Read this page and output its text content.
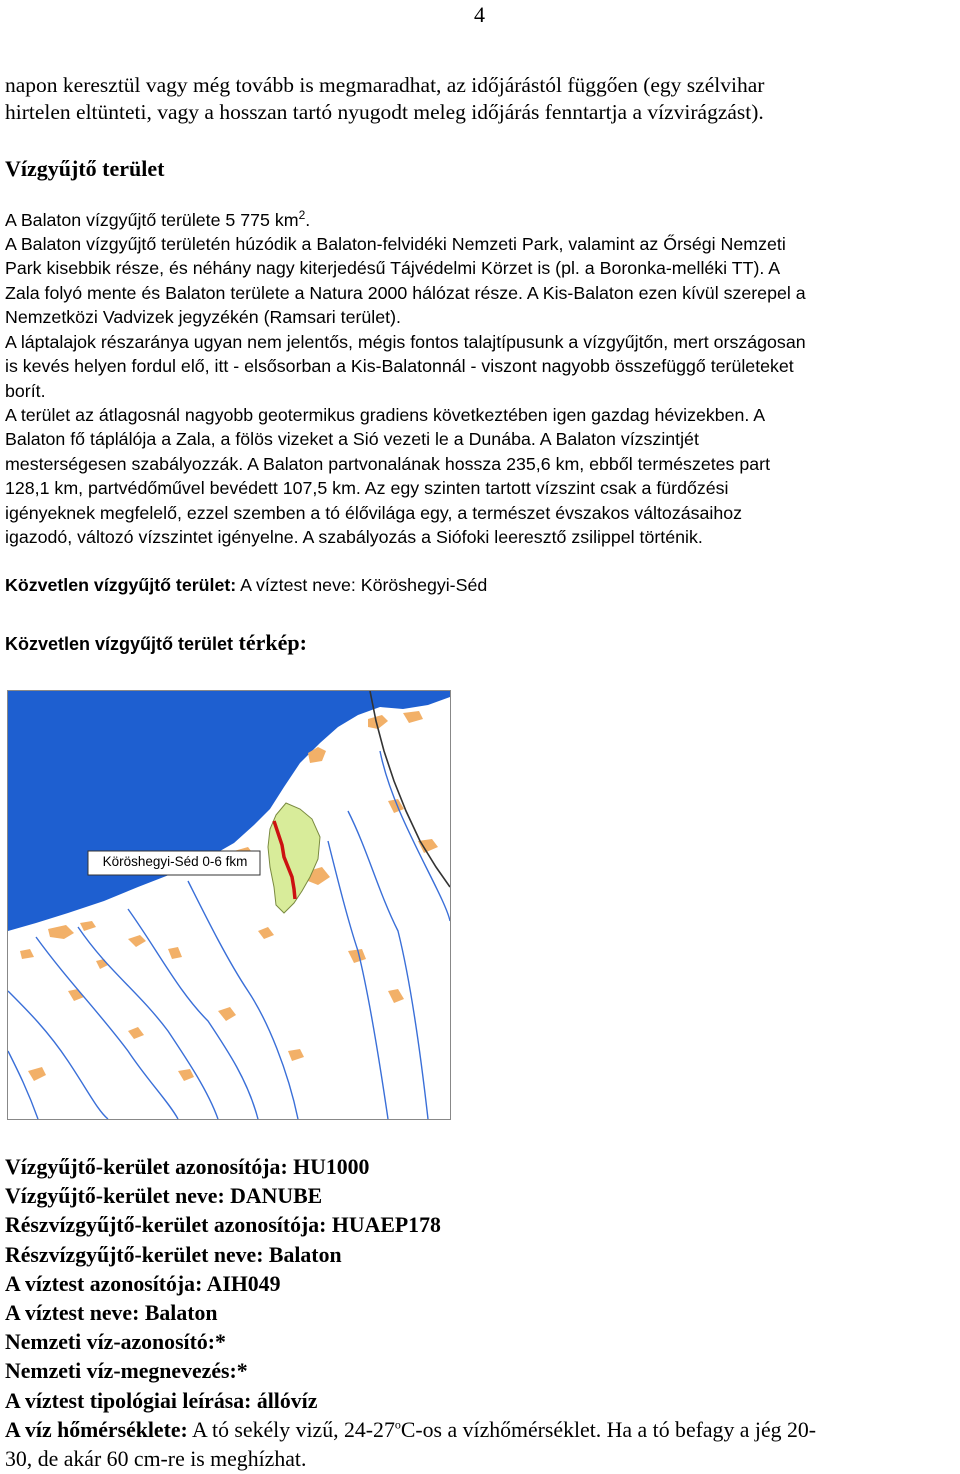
4

napon keresztül vagy még tovább is megmaradhat, az időjárástól függően (egy szélvihar

hirtelen eltünteti, vagy a hosszan tartó nyugodt meleg időjárás fenntartja a vízvirágzást).

Vízgyűjtő terület

A Balaton vízgyűjtő területe 5 775 $km^2$.

A Balaton vízgyűjtő területén húzódik a Balaton-felvidéki Nemzeti Park, valamint az Őrségi Nemzeti

Park kisebbik része, és néhány nagy kiterjedésű Tájvédelmi Körzet is (pl. a Boronka-melléki TT). A

Zala folyó mente és Balaton területe a Natura 2000 hálózat része. A Kis-Balaton ezen kívül szerepel a

Nemzetközi Vadvizek jegyzékén (Ramsari terület).

A láptalajok részaránya ugyan nem jelentős, mégis fontos talajtípusunk a vízgyűjtőn, mert országosan

is kevés helyen fordul elő, itt - elsősorban a Kis-Balatonnál - viszont nagyobb összefüggő területeket

borít.

A terület az átlagosnál nagyobb geotermikus gradiens következtében igen gazdag hévizekben. A

Balaton fő táplálója a Zala, a fölös vizeket a Sió vezeti le a Dunába. A Balaton vízszintjét

mesterségesen szabályozzák. A Balaton partvonalának hossza 235,6 km, ebből természetes part

128,1 km, partvédőművel bevédett 107,5 km. Az egy szinten tartott vízszint csak a fürdőzési

igényeknek megfelelő, ezzel szemben a tó élővilága egy, a természet évszakos változásaihoz

igazodó, változó vízszintet igényelne. A szabályozás a Siófoki leeresztő zsilippel történik.

Közvetlen vízgyűjtő terület: A víztest neve: Köröshegyi-Séd

Közvetlen vízgyűjtő terület térkép:

Köröshegyi-Séd 0-6 fkm

Vízgyűjtő-kerület azonosítója: HU1000

Vízgyűjtő-kerület neve: DANUBE

Részvízgyűjtő-kerület azonosítója: HUAEP178

Részvízgyűjtő-kerület neve: Balaton

A víztest azonosítója: AIH049

A víztest neve: Balaton

Nemzeti víz-azonosító:*

Nemzeti víz-megnevezés:*

A víztest tipológiai leírása: állóvíz

A víz hőmérséklete: A tó sekély vizű, 24-27$^o$C-os a vízhőmérséklet. Ha a tó befagy a jég 20-

30, de akár 60 cm-re is meghízhat.
